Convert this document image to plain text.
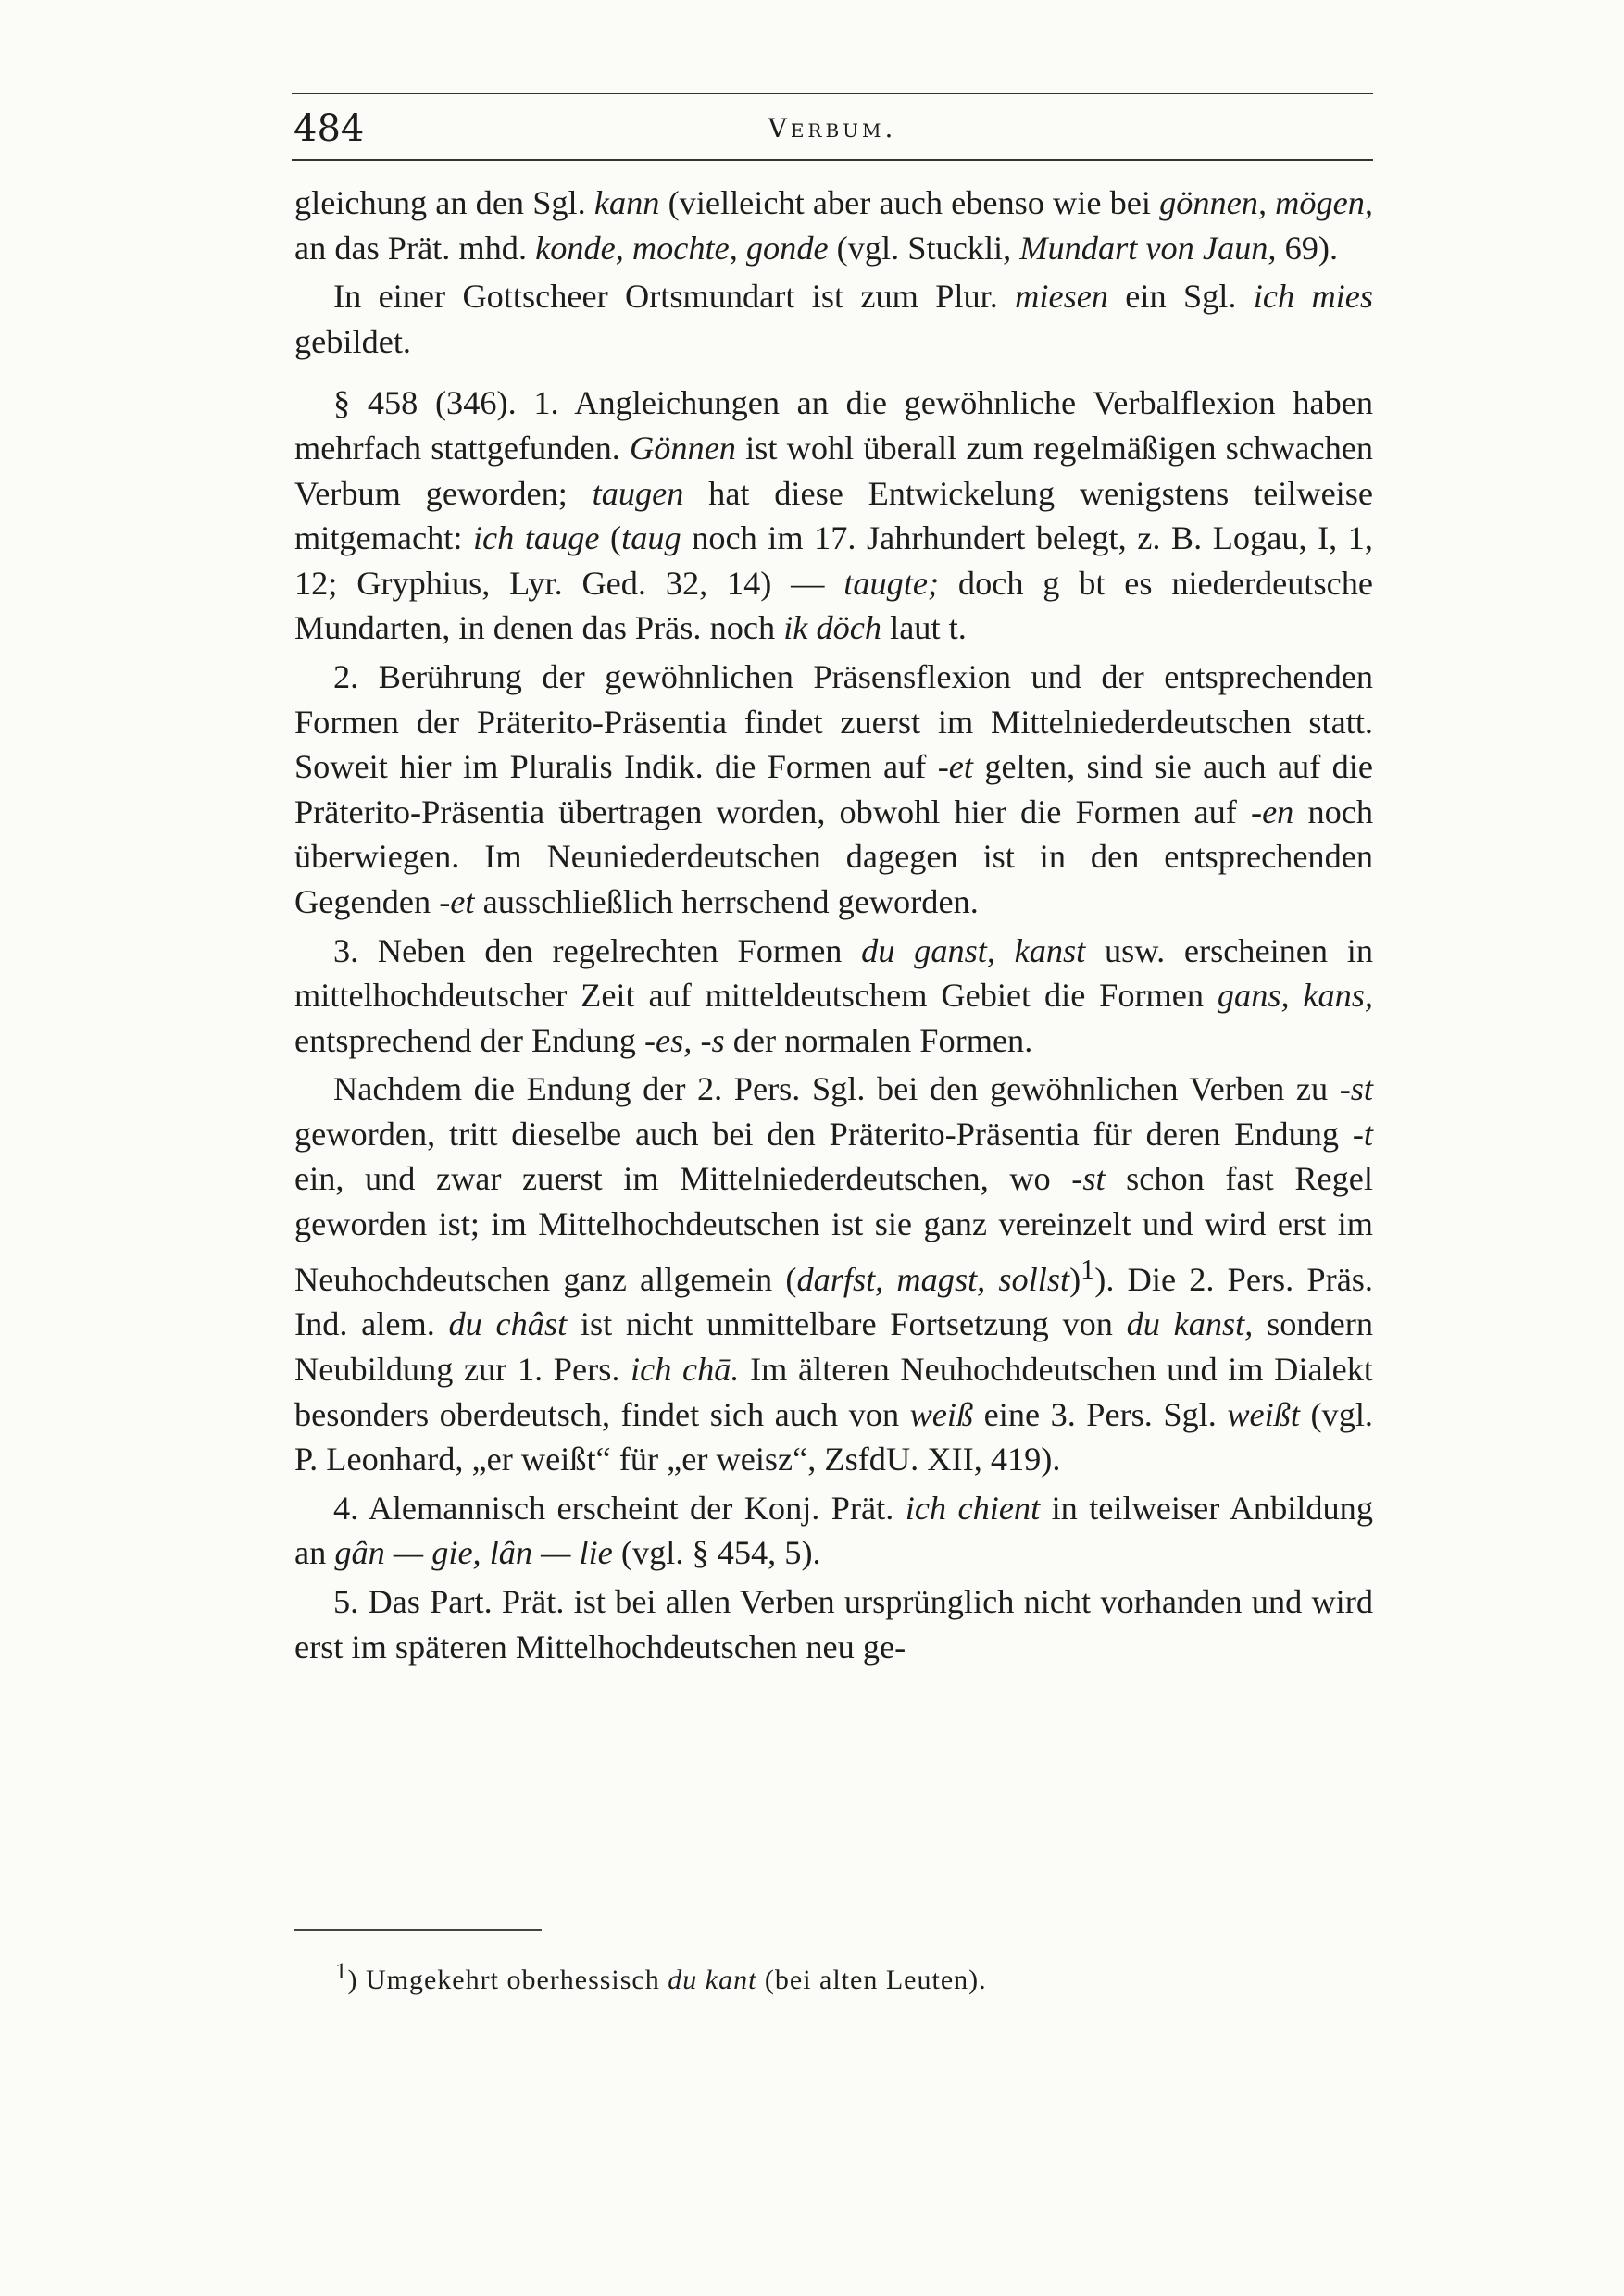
484	Verbum.

gleichung an den Sgl. kann (vielleicht aber auch ebenso wie bei gönnen, mögen, an das Prät. mhd. konde, mochte, gonde (vgl. Stuckli, Mundart von Jaun, 69).

In einer Gottscheer Ortsmundart ist zum Plur. miesen ein Sgl. ich mies gebildet.

§ 458 (346). 1. Angleichungen an die gewöhnliche Verbalflexion haben mehrfach stattgefunden. Gönnen ist wohl überall zum regelmäßigen schwachen Verbum geworden; taugen hat diese Entwickelung wenigstens teilweise mitgemacht: ich tauge (taug noch im 17. Jahrhundert belegt, z. B. Logau, I, 1, 12; Gryphius, Lyr. Ged. 32, 14) — taugte; doch g bt es niederdeutsche Mundarten, in denen das Präs. noch ik döch laut t.

2. Berührung der gewöhnlichen Präsensflexion und der entsprechenden Formen der Präterito-Präsentia findet zuerst im Mittelniederdeutschen statt. Soweit hier im Pluralis Indik. die Formen auf -et gelten, sind sie auch auf die Präterito-Präsentia übertragen worden, obwohl hier die Formen auf -en noch überwiegen. Im Neuniederdeutschen dagegen ist in den entsprechenden Gegenden -et ausschließlich herrschend geworden.

3. Neben den regelrechten Formen du ganst, kanst usw. erscheinen in mittelhochdeutscher Zeit auf mitteldeutschem Gebiet die Formen gans, kans, entsprechend der Endung -es, -s der normalen Formen.

Nachdem die Endung der 2. Pers. Sgl. bei den gewöhnlichen Verben zu -st geworden, tritt dieselbe auch bei den Präterito-Präsentia für deren Endung -t ein, und zwar zuerst im Mittelniederdeutschen, wo -st schon fast Regel geworden ist; im Mittelhochdeutschen ist sie ganz vereinzelt und wird erst im Neuhochdeutschen ganz allgemein (darfst, magst, sollst)$^1$). Die 2. Pers. Präs. Ind. alem. du châst ist nicht unmittelbare Fortsetzung von du kanst, sondern Neubildung zur 1. Pers. ich chā. Im älteren Neuhochdeutschen und im Dialekt besonders oberdeutsch, findet sich auch von weiß eine 3. Pers. Sgl. weißt (vgl. P. Leonhard, „er weißt“ für „er weisz“, ZsfdU. XII, 419).

4. Alemannisch erscheint der Konj. Prät. ich chient in teilweiser Anbildung an gân — gie, lân — lie (vgl. § 454, 5).

5. Das Part. Prät. ist bei allen Verben ursprünglich nicht vorhanden und wird erst im späteren Mittelhochdeutschen neu ge-

$^1$) Umgekehrt oberhessisch du kant (bei alten Leuten).
